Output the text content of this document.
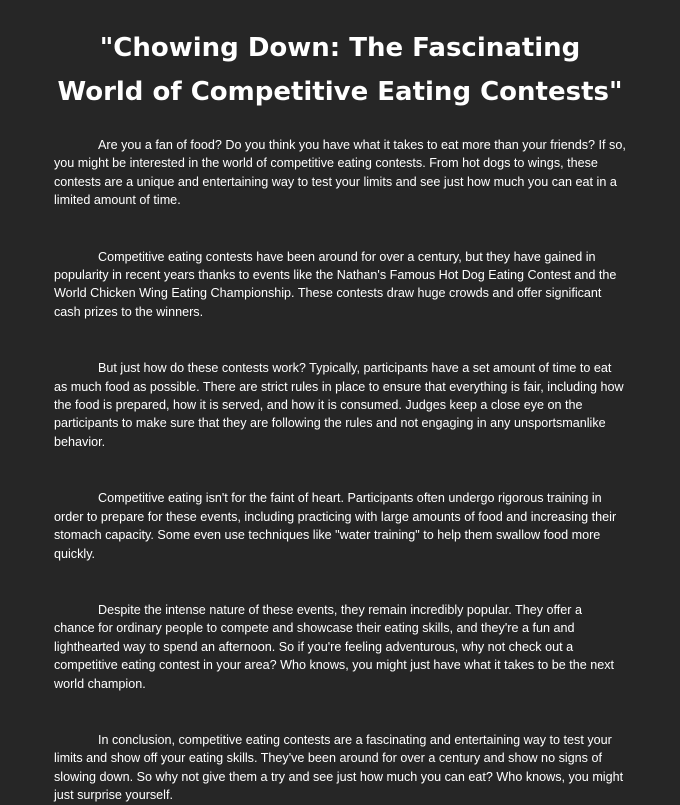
"Chowing Down: The Fascinating World of Competitive Eating Contests"

Are you a fan of food? Do you think you have what it takes to eat more than your friends? If so, you might be interested in the world of competitive eating contests. From hot dogs to wings, these contests are a unique and entertaining way to test your limits and see just how much you can eat in a limited amount of time.

Competitive eating contests have been around for over a century, but they have gained in popularity in recent years thanks to events like the Nathan's Famous Hot Dog Eating Contest and the World Chicken Wing Eating Championship. These contests draw huge crowds and offer significant cash prizes to the winners.

But just how do these contests work? Typically, participants have a set amount of time to eat as much food as possible. There are strict rules in place to ensure that everything is fair, including how the food is prepared, how it is served, and how it is consumed. Judges keep a close eye on the participants to make sure that they are following the rules and not engaging in any unsportsmanlike behavior.

Competitive eating isn't for the faint of heart. Participants often undergo rigorous training in order to prepare for these events, including practicing with large amounts of food and increasing their stomach capacity. Some even use techniques like "water training" to help them swallow food more quickly.

Despite the intense nature of these events, they remain incredibly popular. They offer a chance for ordinary people to compete and showcase their eating skills, and they're a fun and lighthearted way to spend an afternoon. So if you're feeling adventurous, why not check out a competitive eating contest in your area? Who knows, you might just have what it takes to be the next world champion.

In conclusion, competitive eating contests are a fascinating and entertaining way to test your limits and show off your eating skills. They've been around for over a century and show no signs of slowing down. So why not give them a try and see just how much you can eat? Who knows, you might just surprise yourself.
